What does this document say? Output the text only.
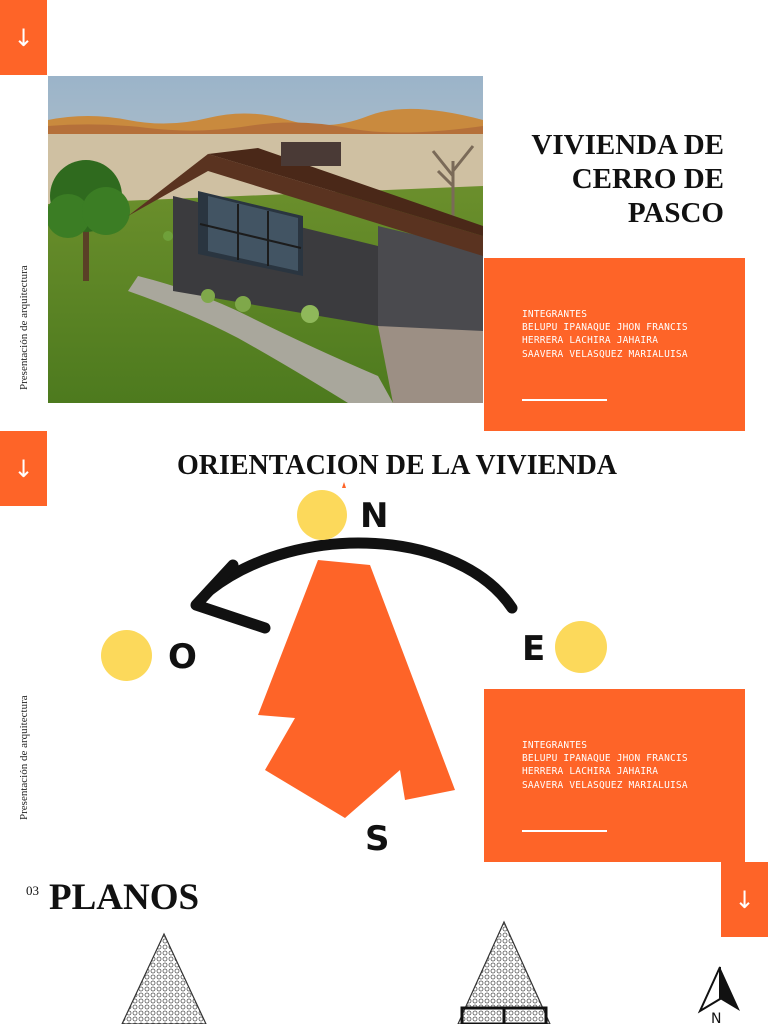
↓
Presentación de arquitectura
VIVIENDA DE
CERRO DE
PASCO
INTEGRANTES
BELUPU IPANAQUE JHON FRANCIS
HERRERA LACHIRA JAHAIRA
SAAVERA VELASQUEZ MARIALUISA
↓
Presentación de arquitectura
ORIENTACION DE LA VIVIENDA
N
O	E
S
INTEGRANTES
BELUPU IPANAQUE JHON FRANCIS
HERRERA LACHIRA JAHAIRA
SAAVERA VELASQUEZ MARIALUISA
03 PLANOS	↓
N
